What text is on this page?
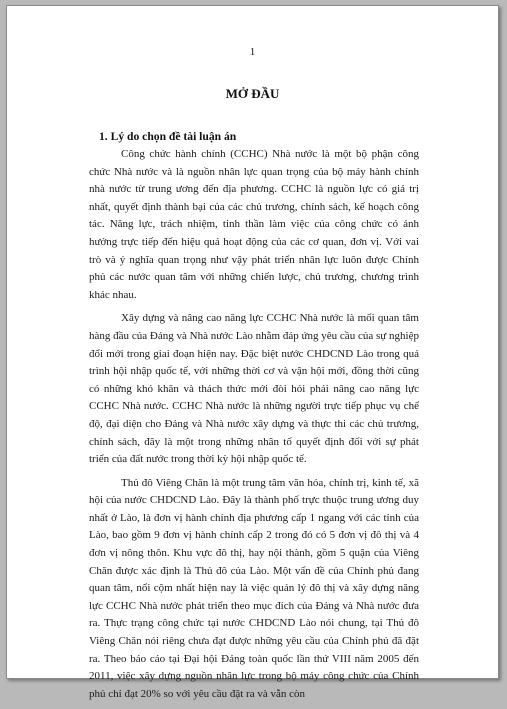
1
MỞ ĐẦU
1. Lý do chọn đề tài luận án

Công chức hành chính (CCHC) Nhà nước là một bộ phận công chức Nhà nước và là nguồn nhân lực quan trọng của bộ máy hành chính nhà nước từ trung ương đến địa phương. CCHC là nguồn lực có giá trị nhất, quyết định thành bại của các chủ trương, chính sách, kế hoạch công tác. Năng lực, trách nhiệm, tinh thần làm việc của công chức có ảnh hưởng trực tiếp đến hiệu quả hoạt động của các cơ quan, đơn vị. Với vai trò và ý nghĩa quan trọng như vậy phát triển nhân lực luôn được Chính phủ các nước quan tâm với những chiến lược, chủ trương, chương trình khác nhau.

Xây dựng và nâng cao năng lực CCHC Nhà nước là mối quan tâm hàng đầu của Đảng và Nhà nước Lào nhằm đáp ứng yêu cầu của sự nghiệp đổi mới trong giai đoạn hiện nay. Đặc biệt nước CHDCND Lào trong quá trình hội nhập quốc tế, với những thời cơ và vận hội mới, đồng thời cũng có những khó khăn và thách thức mới đòi hỏi phải nâng cao năng lực CCHC Nhà nước. CCHC Nhà nước là những người trực tiếp phục vụ chế độ, đại diện cho Đảng và Nhà nước xây dựng và thực thi các chủ trương, chính sách, đây là một trong những nhân tố quyết định đối với sự phát triển của đất nước trong thời kỳ hội nhập quốc tế.

Thủ đô Viêng Chăn là một trung tâm văn hóa, chính trị, kinh tế, xã hội của nước CHDCND Lào. Đây là thành phố trực thuộc trung ương duy nhất ở Lào, là đơn vị hành chính địa phương cấp 1 ngang với các tỉnh của Lào, bao gồm 9 đơn vị hành chính cấp 2 trong đó có 5 đơn vị đô thị và 4 đơn vị nông thôn. Khu vực đô thị, hay nội thành, gồm 5 quận của Viêng Chăn được xác định là Thủ đô của Lào. Một vấn đề của Chính phủ đang quan tâm, nổi cộm nhất hiện nay là việc quản lý đô thị và xây dựng năng lực CCHC Nhà nước phát triển theo mục đích của Đảng và Nhà nước đưa ra. Thực trạng công chức tại nước CHDCND Lào nói chung, tại Thủ đô Viêng Chăn nói riêng chưa đạt được những yêu cầu của Chính phủ đã đặt ra. Theo báo cáo tại Đại hội Đảng toàn quốc lần thứ VIII năm 2005 đến 2011, việc xây dựng nguồn nhân lực trong bộ máy công chức của Chính phủ chỉ đạt 20% so với yêu cầu đặt ra và vẫn còn
